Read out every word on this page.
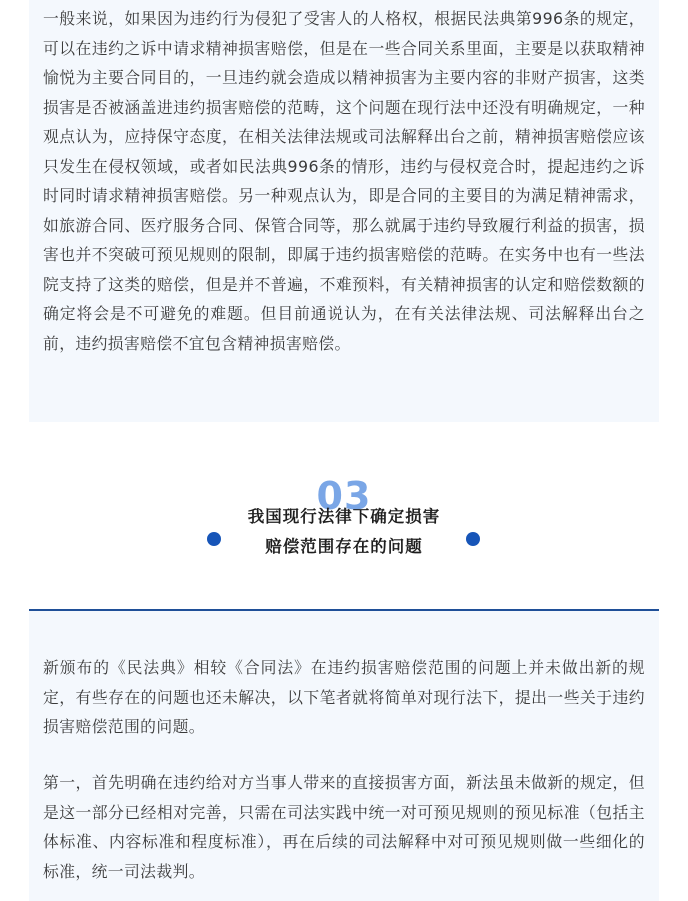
一般来说，如果因为违约行为侵犯了受害人的人格权，根据民法典第996条的规定，可以在违约之诉中请求精神损害赔偿，但是在一些合同关系里面，主要是以获取精神愉悦为主要合同目的，一旦违约就会造成以精神损害为主要内容的非财产损害，这类损害是否被涵盖进违约损害赔偿的范畴，这个问题在现行法中还没有明确规定，一种观点认为，应持保守态度，在相关法律法规或司法解释出台之前，精神损害赔偿应该只发生在侵权领域，或者如民法典996条的情形，违约与侵权竞合时，提起违约之诉时同时请求精神损害赔偿。另一种观点认为，即是合同的主要目的为满足精神需求，如旅游合同、医疗服务合同、保管合同等，那么就属于违约导致履行利益的损害，损害也并不突破可预见规则的限制，即属于违约损害赔偿的范畴。在实务中也有一些法院支持了这类的赔偿，但是并不普遍，不难预料，有关精神损害的认定和赔偿数额的确定将会是不可避免的难题。但目前通说认为，在有关法律法规、司法解释出台之前，违约损害赔偿不宜包含精神损害赔偿。

03
我国现行法律下确定损害
赔偿范围存在的问题

新颁布的《民法典》相较《合同法》在违约损害赔偿范围的问题上并未做出新的规定，有些存在的问题也还未解决，以下笔者就将简单对现行法下，提出一些关于违约损害赔偿范围的问题。

第一，首先明确在违约给对方当事人带来的直接损害方面，新法虽未做新的规定，但是这一部分已经相对完善，只需在司法实践中统一对可预见规则的预见标准（包括主体标准、内容标准和程度标准），再在后续的司法解释中对可预见规则做一些细化的标准，统一司法裁判。
